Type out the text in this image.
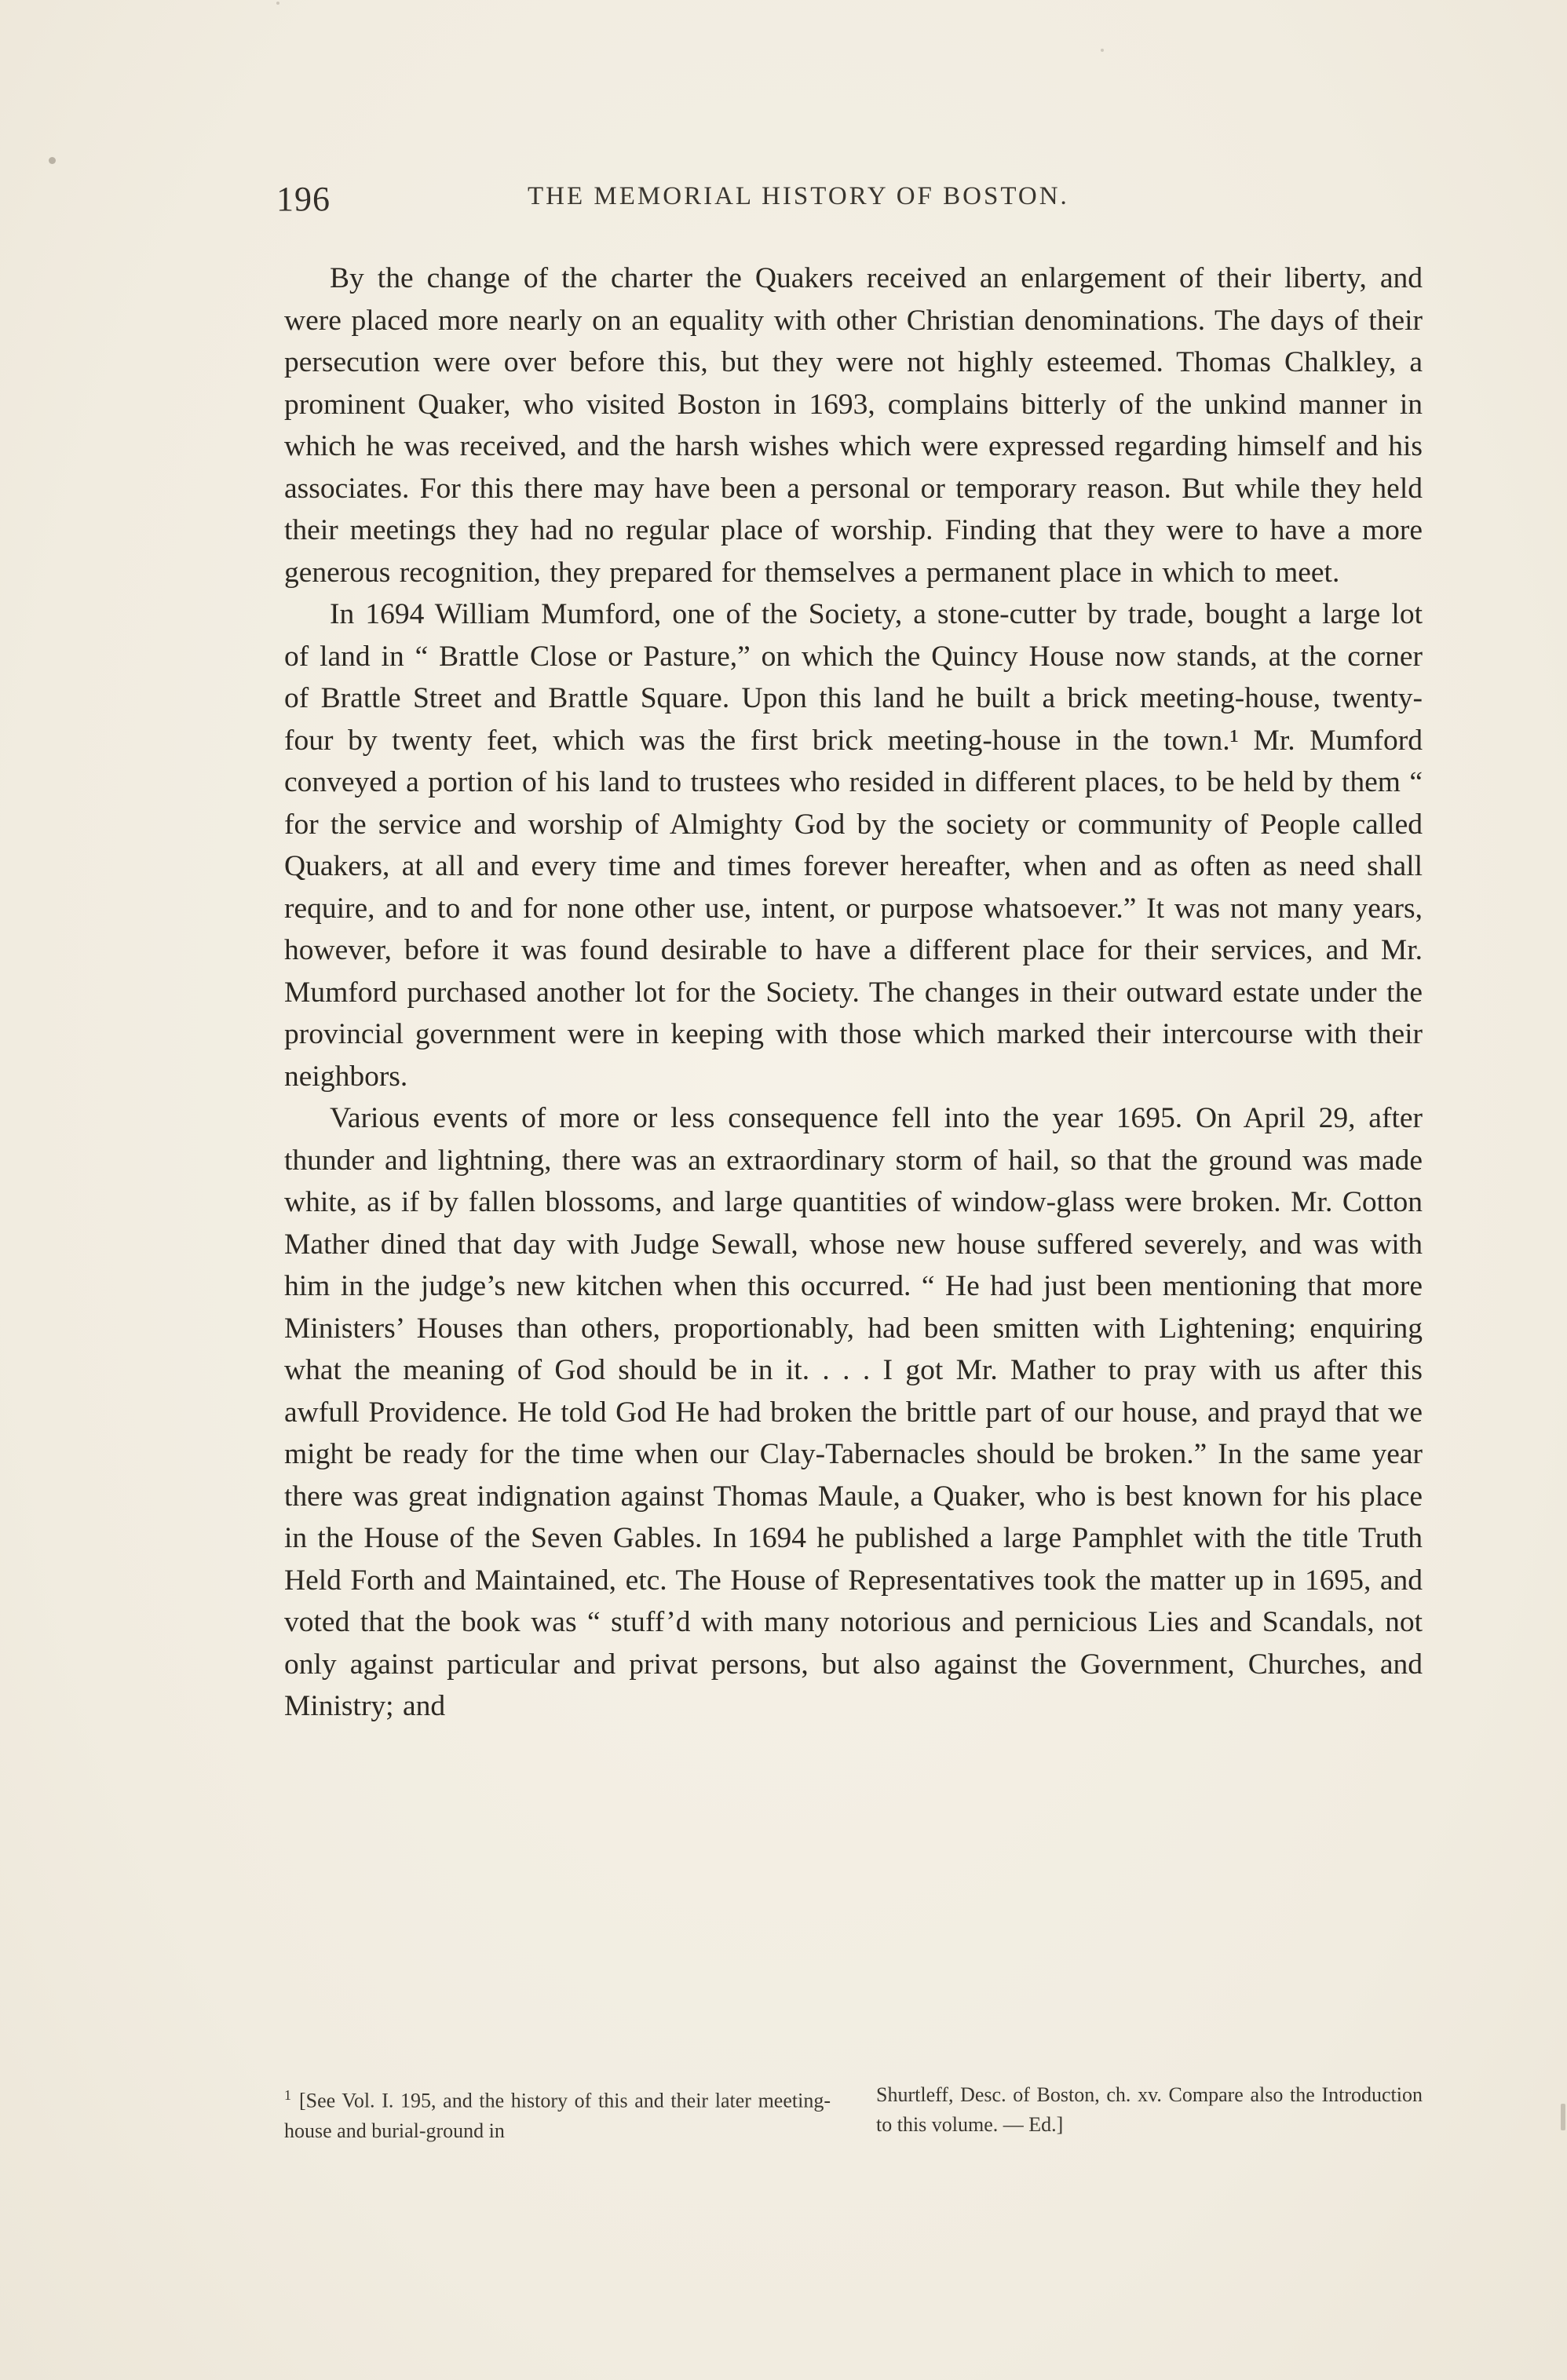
196	THE MEMORIAL HISTORY OF BOSTON.

By the change of the charter the Quakers received an enlargement of their liberty, and were placed more nearly on an equality with other Christian denominations. The days of their persecution were over before this, but they were not highly esteemed. Thomas Chalkley, a prominent Quaker, who visited Boston in 1693, complains bitterly of the unkind manner in which he was received, and the harsh wishes which were expressed regarding himself and his associates. For this there may have been a personal or temporary reason. But while they held their meetings they had no regular place of worship. Finding that they were to have a more generous recognition, they prepared for themselves a permanent place in which to meet.

In 1694 William Mumford, one of the Society, a stone-cutter by trade, bought a large lot of land in “ Brattle Close or Pasture,” on which the Quincy House now stands, at the corner of Brattle Street and Brattle Square. Upon this land he built a brick meeting-house, twenty-four by twenty feet, which was the first brick meeting-house in the town.¹ Mr. Mumford conveyed a portion of his land to trustees who resided in different places, to be held by them “ for the service and worship of Almighty God by the society or community of People called Quakers, at all and every time and times forever hereafter, when and as often as need shall require, and to and for none other use, intent, or purpose whatsoever.” It was not many years, however, before it was found desirable to have a different place for their services, and Mr. Mumford purchased another lot for the Society. The changes in their outward estate under the provincial government were in keeping with those which marked their intercourse with their neighbors.

Various events of more or less consequence fell into the year 1695. On April 29, after thunder and lightning, there was an extraordinary storm of hail, so that the ground was made white, as if by fallen blossoms, and large quantities of window-glass were broken. Mr. Cotton Mather dined that day with Judge Sewall, whose new house suffered severely, and was with him in the judge’s new kitchen when this occurred. “ He had just been mentioning that more Ministers’ Houses than others, proportionably, had been smitten with Lightening; enquiring what the meaning of God should be in it. . . . I got Mr. Mather to pray with us after this awfull Providence. He told God He had broken the brittle part of our house, and prayd that we might be ready for the time when our Clay-Tabernacles should be broken.” In the same year there was great indignation against Thomas Maule, a Quaker, who is best known for his place in the House of the Seven Gables. In 1694 he published a large Pamphlet with the title Truth Held Forth and Maintained, etc. The House of Representatives took the matter up in 1695, and voted that the book was “ stuff’d with many notorious and pernicious Lies and Scandals, not only against particular and privat persons, but also against the Government, Churches, and Ministry; and

$^1$ [See Vol. I. 195, and the history of this and their later meeting-house and burial-ground in

Shurtleff, Desc. of Boston, ch. xv. Compare also the Introduction to this volume. — Ed.]
